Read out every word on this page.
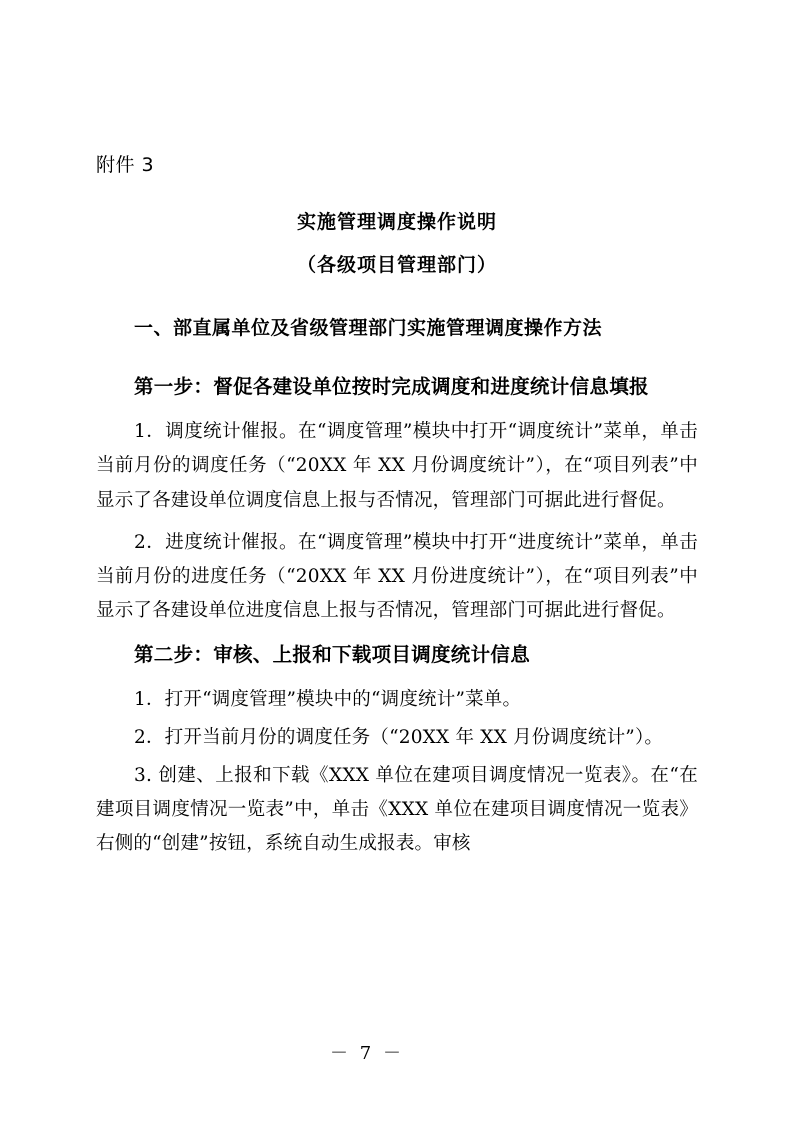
附件 3

实施管理调度操作说明
（各级项目管理部门）
一、部直属单位及省级管理部门实施管理调度操作方法
第一步：督促各建设单位按时完成调度和进度统计信息填报

1．调度统计催报。在“调度管理”模块中打开“调度统计”菜单，单击当前月份的调度任务（“20XX 年 XX 月份调度统计”），在“项目列表”中显示了各建设单位调度信息上报与否情况，管理部门可据此进行督促。

2．进度统计催报。在“调度管理”模块中打开“进度统计”菜单，单击当前月份的进度任务（“20XX 年 XX 月份进度统计”），在“项目列表”中显示了各建设单位进度信息上报与否情况，管理部门可据此进行督促。

第二步：审核、上报和下载项目调度统计信息

1．打开“调度管理”模块中的“调度统计”菜单。

2．打开当前月份的调度任务（“20XX 年 XX 月份调度统计”）。

3. 创建、上报和下载《XXX 单位在建项目调度情况一览表》。在“在建项目调度情况一览表”中，单击《XXX 单位在建项目调度情况一览表》右侧的“创建”按钮，系统自动生成报表。审核

－ 7 －
